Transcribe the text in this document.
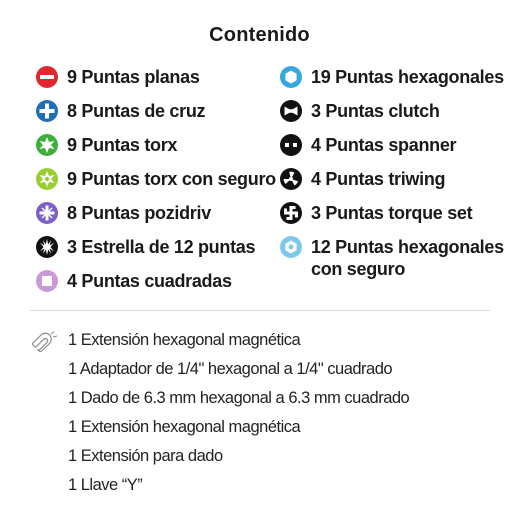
Contenido
9 Puntas planas
8 Puntas de cruz
9 Puntas torx
9 Puntas torx con seguro
8 Puntas pozidriv
3 Estrella de 12 puntas
4 Puntas cuadradas
19 Puntas hexagonales
3 Puntas clutch
4 Puntas spanner
4 Puntas triwing
3 Puntas torque set
12 Puntas hexagonales
con seguro
1 Extensión hexagonal magnética
1 Adaptador de 1/4" hexagonal a 1/4" cuadrado
1 Dado de 6.3 mm hexagonal a 6.3 mm cuadrado
1 Extensión hexagonal magnética
1 Extensión para dado
1 Llave “Y”
